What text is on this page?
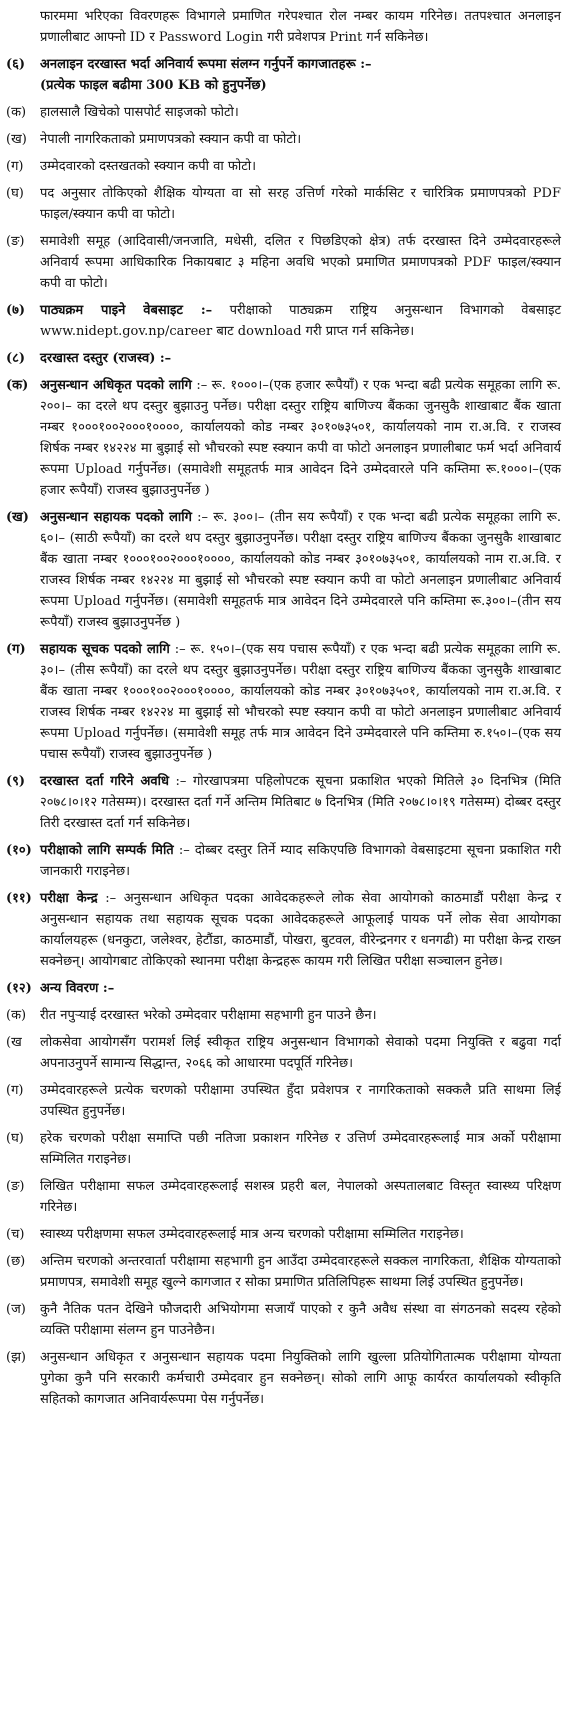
फारममा भरिएका विवरणहरू विभागले प्रमाणित गरेपश्चात रोल नम्बर कायम गरिनेछ। ततपश्चात अनलाइन प्रणालीबाट आफ्नो ID र Password Login गरी प्रवेशपत्र Print गर्न सकिनेछ।
(६)	अनलाइन दरखास्त भर्दा अनिवार्य रूपमा संलग्न गर्नुपर्ने कागजातहरू :–
(प्रत्येक फाइल बढीमा 300 KB को हुनुपर्नेछ)
(क)	हालसालै खिचेको पासपोर्ट साइजको फोटो।
(ख)	नेपाली नागरिकताको प्रमाणपत्रको स्क्यान कपी वा फोटो।
(ग)	उम्मेदवारको दस्तखतको स्क्यान कपी वा फोटो।
(घ)	पद अनुसार तोकिएको शैक्षिक योग्यता वा सो सरह उत्तिर्ण गरेको मार्कसिट र चारित्रिक प्रमाणपत्रको PDF फाइल/स्क्यान कपी वा फोटो।
(ङ)	समावेशी समूह (आदिवासी/जनजाति, मधेसी, दलित र पिछडिएको क्षेत्र) तर्फ दरखास्त दिने उम्मेदवारहरूले अनिवार्य रूपमा आधिकारिक निकायबाट ३ महिना अवधि भएको प्रमाणित प्रमाणपत्रको PDF फाइल/स्क्यान कपी वा फोटो।
(७)	पाठ्यक्रम पाइने वेबसाइट :– परीक्षाको पाठ्यक्रम राष्ट्रिय अनुसन्धान विभागको वेबसाइट www.nidept.gov.np/career बाट download गरी प्राप्त गर्न सकिनेछ।
(८)	दरखास्त दस्तुर (राजस्व) :–
(क) अनुसन्धान अधिकृत पदको लागि :– रू. १०००।–(एक हजार रूपैयाँ) र एक भन्दा बढी प्रत्येक समूहका लागि रू. २००।– का दरले थप दस्तुर बुझाउनु पर्नेछ। परीक्षा दस्तुर राष्ट्रिय बाणिज्य बैंकका जुनसुकै शाखाबाट बैंक खाता नम्बर १०००१००२०००१००००, कार्यालयको कोड नम्बर ३०१०७३५०१, कार्यालयको नाम रा.अ.वि. र राजस्व शिर्षक नम्बर १४२२४ मा बुझाई सो भौचरको स्पष्ट स्क्यान कपी वा फोटो अनलाइन प्रणालीबाट फर्म भर्दा अनिवार्य रूपमा Upload गर्नुपर्नेछ। (समावेशी समूहतर्फ मात्र आवेदन दिने उम्मेदवारले पनि कम्तिमा रू.१०००।–(एक हजार रूपैयाँ) राजस्व बुझाउनुपर्नेछ )
(ख) अनुसन्धान सहायक पदको लागि :– रू. ३००।– (तीन सय रूपैयाँ) र एक भन्दा बढी प्रत्येक समूहका लागि रू. ६०।– (साठी रूपैयाँ) का दरले थप दस्तुर बुझाउनुपर्नेछ। परीक्षा दस्तुर राष्ट्रिय बाणिज्य बैंकका जुनसुकै शाखाबाट बैंक खाता नम्बर १०००१००२०००१००००, कार्यालयको कोड नम्बर ३०१०७३५०१, कार्यालयको नाम रा.अ.वि. र राजस्व शिर्षक नम्बर १४२२४ मा बुझाई सो भौचरको स्पष्ट स्क्यान कपी वा फोटो अनलाइन प्रणालीबाट अनिवार्य रूपमा Upload गर्नुपर्नेछ। (समावेशी समूहतर्फ मात्र आवेदन दिने उम्मेदवारले पनि कम्तिमा रू.३००।–(तीन सय रूपैयाँ) राजस्व बुझाउनुपर्नेछ )
(ग)	सहायक सूचक पदको लागि :– रू. १५०।–(एक सय पचास रूपैयाँ) र एक भन्दा बढी प्रत्येक समूहका लागि रू. ३०।– (तीस रूपैयाँ) का दरले थप दस्तुर बुझाउनुपर्नेछ। परीक्षा दस्तुर राष्ट्रिय बाणिज्य बैंकका जुनसुकै शाखाबाट बैंक खाता नम्बर १०००१००२०००१००००, कार्यालयको कोड नम्बर ३०१०७३५०१, कार्यालयको नाम रा.अ.वि. र राजस्व शिर्षक नम्बर १४२२४ मा बुझाई सो भौचरको स्पष्ट स्क्यान कपी वा फोटो अनलाइन प्रणालीबाट अनिवार्य रूपमा Upload गर्नुपर्नेछ। (समावेशी समूह तर्फ मात्र आवेदन दिने उम्मेदवारले पनि कम्तिमा रु.१५०।–(एक सय पचास रूपैयाँ) राजस्व बुझाउनुपर्नेछ )
(९)	दरखास्त दर्ता गरिने अवधि :– गोरखापत्रमा पहिलोपटक सूचना प्रकाशित भएको मितिले ३० दिनभित्र (मिति २०७८।०।१२ गतेसम्म)। दरखास्त दर्ता गर्ने अन्तिम मितिबाट ७ दिनभित्र (मिति २०७८।०।१९ गतेसम्म) दोब्बर दस्तुर तिरी दरखास्त दर्ता गर्न सकिनेछ।
(१०) परीक्षाको लागि सम्पर्क मिति :– दोब्बर दस्तुर तिर्ने म्याद सकिएपछि विभागको वेबसाइटमा सूचना प्रकाशित गरी जानकारी गराइनेछ।
(११) परीक्षा केन्द्र :– अनुसन्धान अधिकृत पदका आवेदकहरूले लोक सेवा आयोगको काठमाडौं परीक्षा केन्द्र र अनुसन्धान सहायक तथा सहायक सूचक पदका आवेदकहरूले आफूलाई पायक पर्ने लोक सेवा आयोगका कार्यालयहरू (धनकुटा, जलेश्वर, हेटौंडा, काठमाडौं, पोखरा, बुटवल, वीरेन्द्रनगर र धनगढी) मा परीक्षा केन्द्र राख्न सक्नेछन्। आयोगबाट तोकिएको स्थानमा परीक्षा केन्द्रहरू कायम गरी लिखित परीक्षा सञ्चालन हुनेछ।
(१२) अन्य विवरण :–
(क)	रीत नपुर्‍याई दरखास्त भरेको उम्मेदवार परीक्षामा सहभागी हुन पाउने छैन।
(ख	लोकसेवा आयोगसँग परामर्श लिई स्वीकृत राष्ट्रिय अनुसन्धान विभागको सेवाको पदमा नियुक्ति र बढुवा गर्दा अपनाउनुपर्ने सामान्य सिद्धान्त, २०६६ को आधारमा पदपूर्ति गरिनेछ।
(ग)	उम्मेदवारहरूले प्रत्येक चरणको परीक्षामा उपस्थित हुँदा प्रवेशपत्र र नागरिकताको सक्कलै प्रति साथमा लिई उपस्थित हुनुपर्नेछ।
(घ)	हरेक चरणको परीक्षा समाप्ति पछी नतिजा प्रकाशन गरिनेछ र उत्तिर्ण उम्मेदवारहरूलाई मात्र अर्को परीक्षामा सम्मिलित गराइनेछ।
(ङ)	लिखित परीक्षामा सफल उम्मेदवारहरूलाई सशस्त्र प्रहरी बल, नेपालको अस्पतालबाट विस्तृत स्वास्थ्य परिक्षण गरिनेछ।
(च)	स्वास्थ्य परीक्षणमा सफल उम्मेदवारहरूलाई मात्र अन्य चरणको परीक्षामा सम्मिलित गराइनेछ।
(छ)	अन्तिम चरणको अन्तरवार्ता परीक्षामा सहभागी हुन आउँदा उम्मेदवारहरूले सक्कल नागरिकता, शैक्षिक योग्यताको प्रमाणपत्र, समावेशी समूह खुल्ने कागजात र सोका प्रमाणित प्रतिलिपिहरू साथमा लिई उपस्थित हुनुपर्नेछ।
(ज)	कुनै नैतिक पतन देखिने फौजदारी अभियोगमा सजायँ पाएको र कुनै अवैध संस्था वा संगठनको सदस्य रहेको व्यक्ति परीक्षामा संलग्न हुन पाउनेछैन।
(झ)	अनुसन्धान अधिकृत र अनुसन्धान सहायक पदमा नियुक्तिको लागि खुल्ला प्रतियोगितात्मक परीक्षामा योग्यता पुगेका कुनै पनि सरकारी कर्मचारी उम्मेदवार हुन सक्नेछन्। सोको लागि आफू कार्यरत कार्यालयको स्वीकृति सहितको कागजात अनिवार्यरूपमा पेस गर्नुपर्नेछ।
